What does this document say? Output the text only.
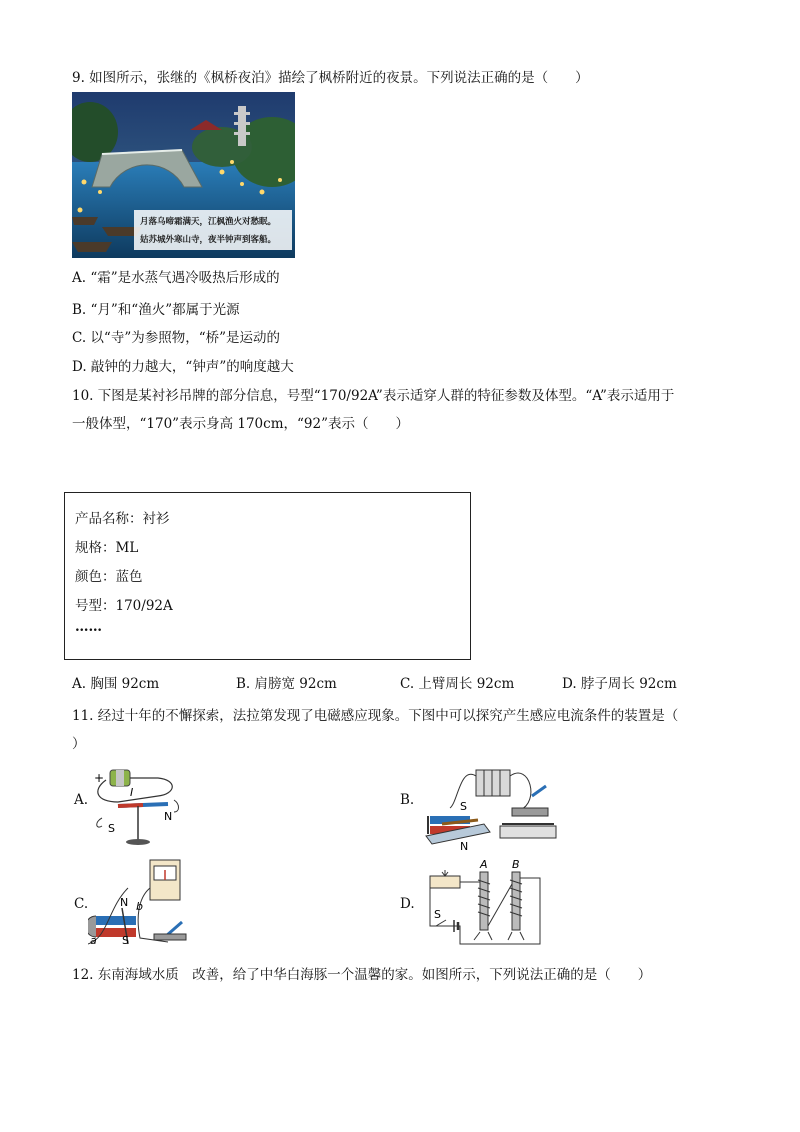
9. 如图所示，张继的《枫桥夜泊》描绘了枫桥附近的夜景。下列说法正确的是（　　）
月落乌啼霜满天，江枫渔火对愁眠。
姑苏城外寒山寺，夜半钟声到客船。
A. “霜”是水蒸气遇冷吸热后形成的
B. “月”和“渔火”都属于光源
C. 以“寺”为参照物，“桥”是运动的
D. 敲钟的力越大，“钟声”的响度越大
10. 下图是某衬衫吊牌的部分信息，号型“170/92A”表示适穿人群的特征参数及体型。“A”表示适用于
一般体型，“170”表示身高 170cm，“92”表示（　　）
产品名称：衬衫
规格：ML
颜色：蓝色
号型：170/92A
……
A. 胸围 92cm	B. 肩膀宽 92cm	C. 上臂周长 92cm	D. 脖子周长 92cm
11. 经过十年的不懈探索，法拉第发现了电磁感应现象。下图中可以探究产生感应电流条件的装置是（
）
A.
+
I
S
N
B.	S
N
C.	N b
S
a
D.
A B
S
12. 东南海域水质　改善，给了中华白海豚一个温馨的家。如图所示，下列说法正确的是（　　）
